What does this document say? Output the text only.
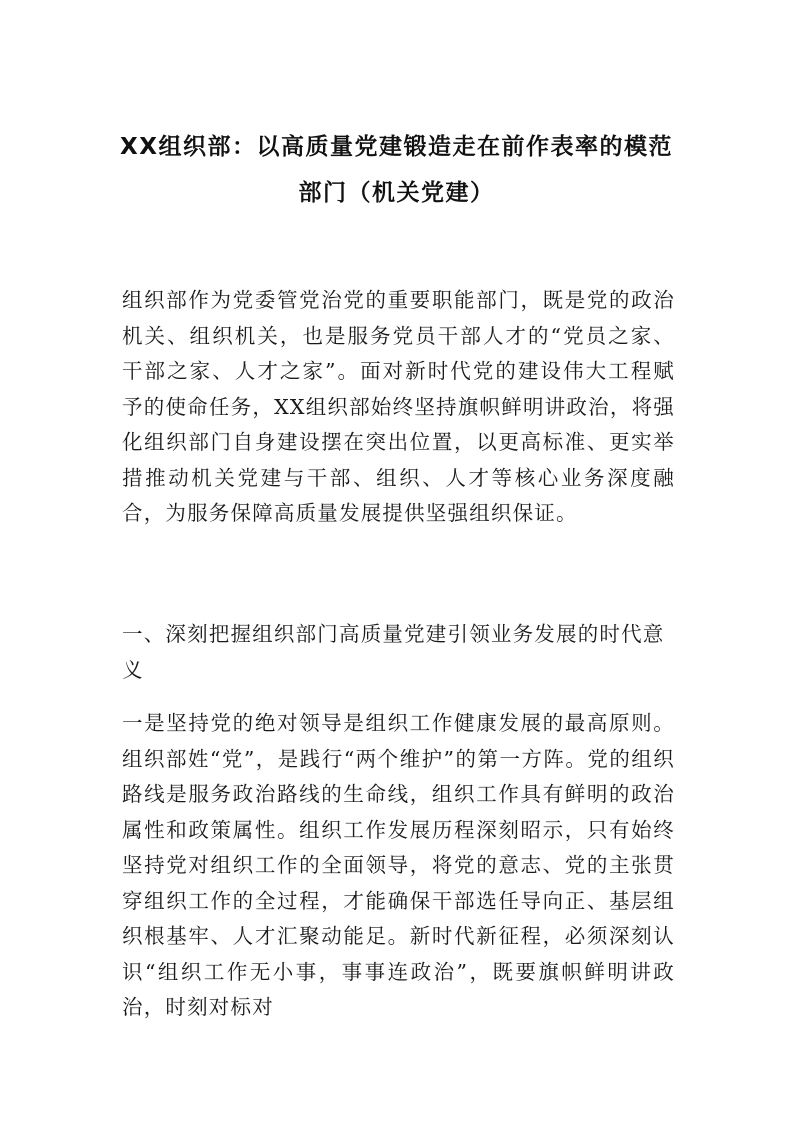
XX组织部：以高质量党建锻造走在前作表率的模范部门（机关党建）
组织部作为党委管党治党的重要职能部门，既是党的政治机关、组织机关，也是服务党员干部人才的“党员之家、干部之家、人才之家”。面对新时代党的建设伟大工程赋予的使命任务，XX组织部始终坚持旗帜鲜明讲政治，将强化组织部门自身建设摆在突出位置，以更高标准、更实举措推动机关党建与干部、组织、人才等核心业务深度融合，为服务保障高质量发展提供坚强组织保证。
一、深刻把握组织部门高质量党建引领业务发展的时代意义
一是坚持党的绝对领导是组织工作健康发展的最高原则。组织部姓“党”，是践行“两个维护”的第一方阵。党的组织路线是服务政治路线的生命线，组织工作具有鲜明的政治属性和政策属性。组织工作发展历程深刻昭示，只有始终坚持党对组织工作的全面领导，将党的意志、党的主张贯穿组织工作的全过程，才能确保干部选任导向正、基层组织根基牢、人才汇聚动能足。新时代新征程，必须深刻认识“组织工作无小事，事事连政治”，既要旗帜鲜明讲政治，时刻对标对
